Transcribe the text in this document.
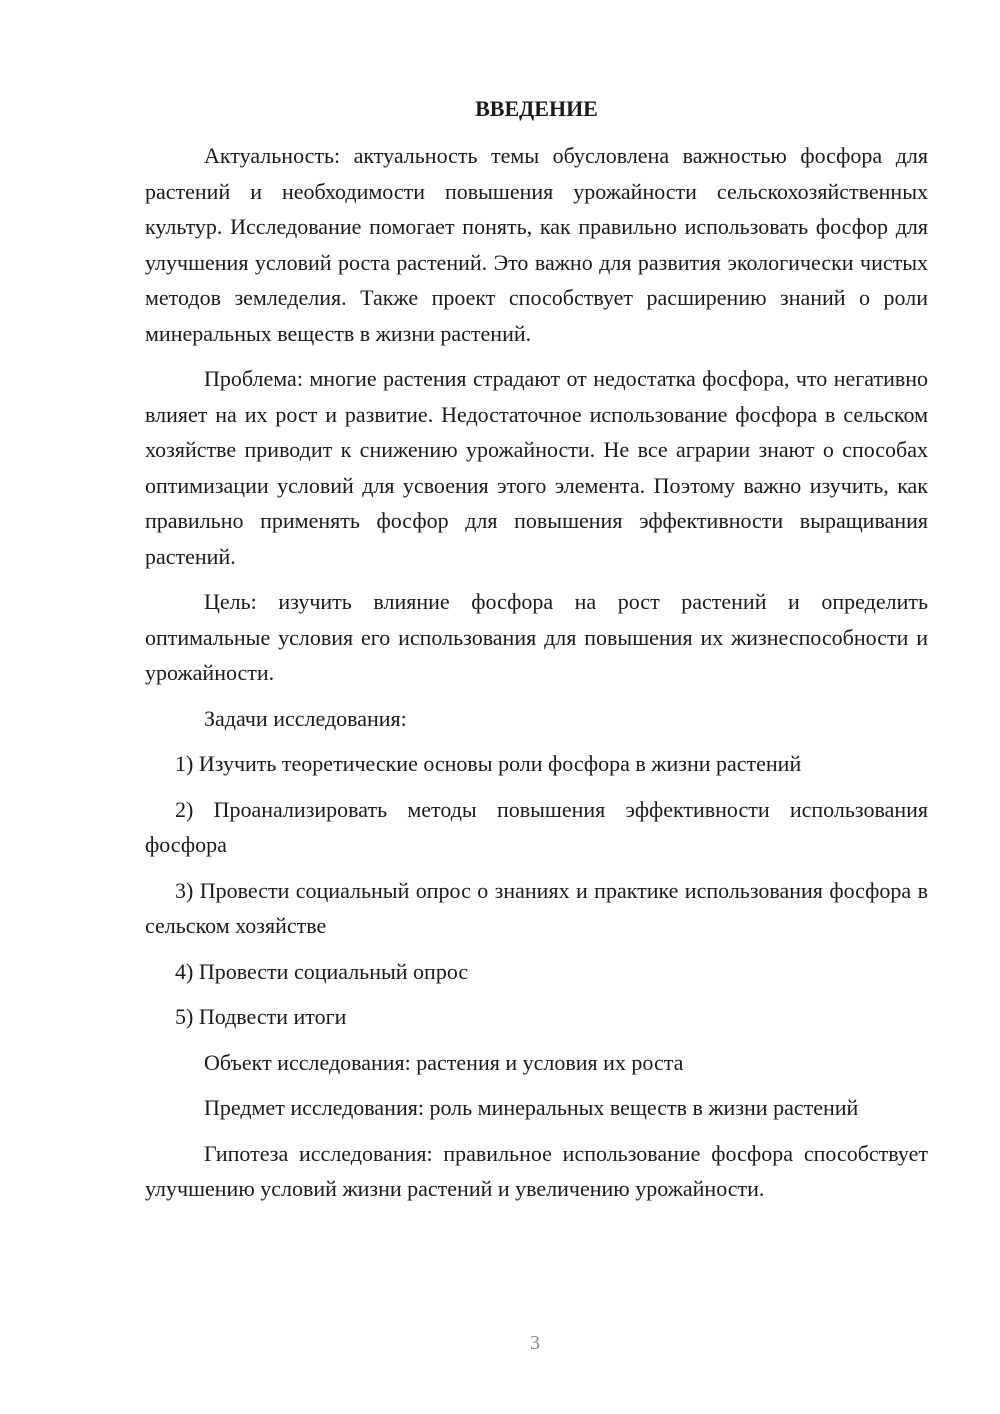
ВВЕДЕНИЕ

Актуальность: актуальность темы обусловлена важностью фосфора для растений и необходимости повышения урожайности сельскохозяйственных культур. Исследование помогает понять, как правильно использовать фосфор для улучшения условий роста растений. Это важно для развития экологически чистых методов земледелия. Также проект способствует расширению знаний о роли минеральных веществ в жизни растений.

Проблема: многие растения страдают от недостатка фосфора, что негативно влияет на их рост и развитие. Недостаточное использование фосфора в сельском хозяйстве приводит к снижению урожайности. Не все аграрии знают о способах оптимизации условий для усвоения этого элемента. Поэтому важно изучить, как правильно применять фосфор для повышения эффективности выращивания растений.

Цель: изучить влияние фосфора на рост растений и определить оптимальные условия его использования для повышения их жизнеспособности и урожайности.

Задачи исследования:

1) Изучить теоретические основы роли фосфора в жизни растений

2) Проанализировать методы повышения эффективности использования фосфора

3) Провести социальный опрос о знаниях и практике использования фосфора в сельском хозяйстве

4) Провести социальный опрос

5) Подвести итоги

Объект исследования: растения и условия их роста

Предмет исследования: роль минеральных веществ в жизни растений

Гипотеза исследования: правильное использование фосфора способствует улучшению условий жизни растений и увеличению урожайности.

3
